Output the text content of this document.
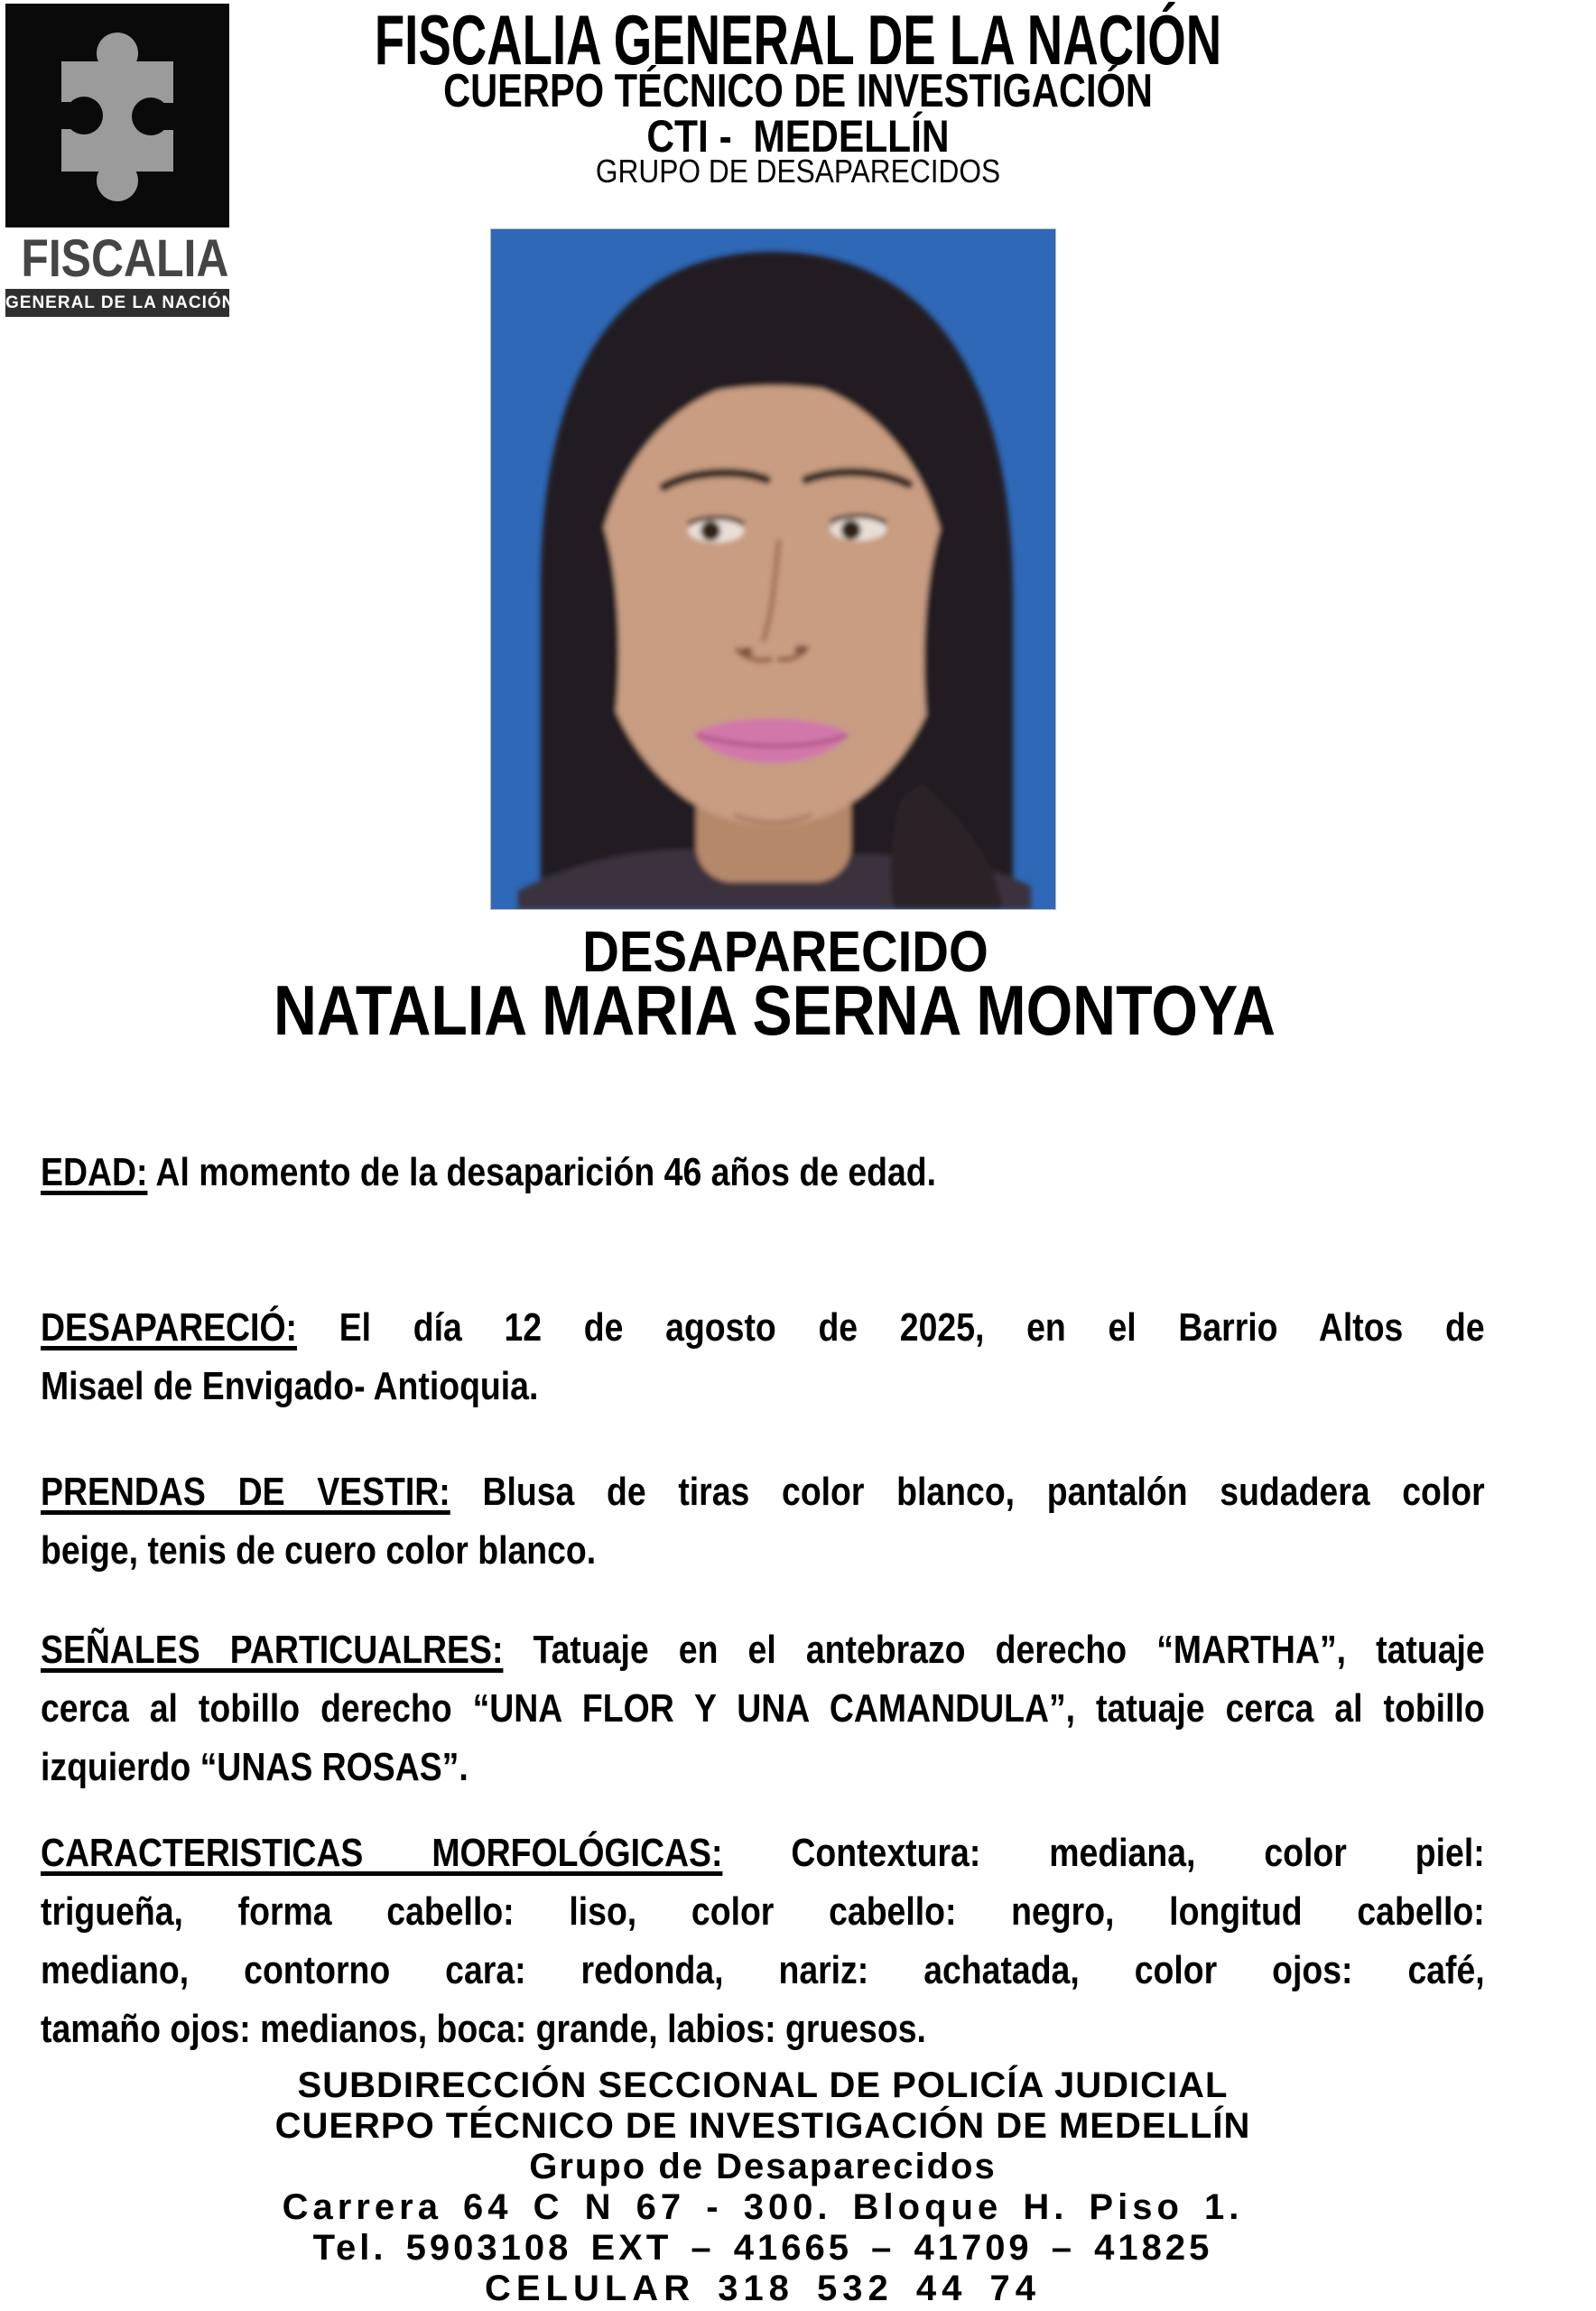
FISCALIA
GENERAL DE LA NACIÓN
FISCALIA GENERAL DE LA NACIÓN
CUERPO TÉCNICO DE INVESTIGACIÓN
CTI -  MEDELLÍN
GRUPO DE DESAPARECIDOS
DESAPARECIDO
NATALIA MARIA SERNA MONTOYA
EDAD: Al momento de la desaparición 46 años de edad.
DESAPARECIÓ: El día 12 de agosto de 2025, en el Barrio Altos de
Misael de Envigado- Antioquia.
PRENDAS DE VESTIR: Blusa de tiras color blanco, pantalón sudadera color
beige, tenis de cuero color blanco.
SEÑALES PARTICUALRES: Tatuaje en el antebrazo derecho “MARTHA”, tatuaje
cerca al tobillo derecho “UNA FLOR Y UNA CAMANDULA”, tatuaje cerca al tobillo
izquierdo “UNAS ROSAS”.
CARACTERISTICAS MORFOLÓGICAS: Contextura: mediana, color piel:
trigueña, forma cabello: liso, color cabello: negro, longitud cabello:
mediano, contorno cara: redonda, nariz: achatada, color ojos: café,
tamaño ojos: medianos, boca: grande, labios: gruesos.
SUBDIRECCIÓN SECCIONAL DE POLICÍA JUDICIAL
CUERPO TÉCNICO DE INVESTIGACIÓN DE MEDELLÍN
Grupo de Desaparecidos
Carrera 64 C N 67 - 300. Bloque H. Piso 1.
Tel. 5903108 EXT – 41665 – 41709 – 41825
CELULAR 318 532 44 74
